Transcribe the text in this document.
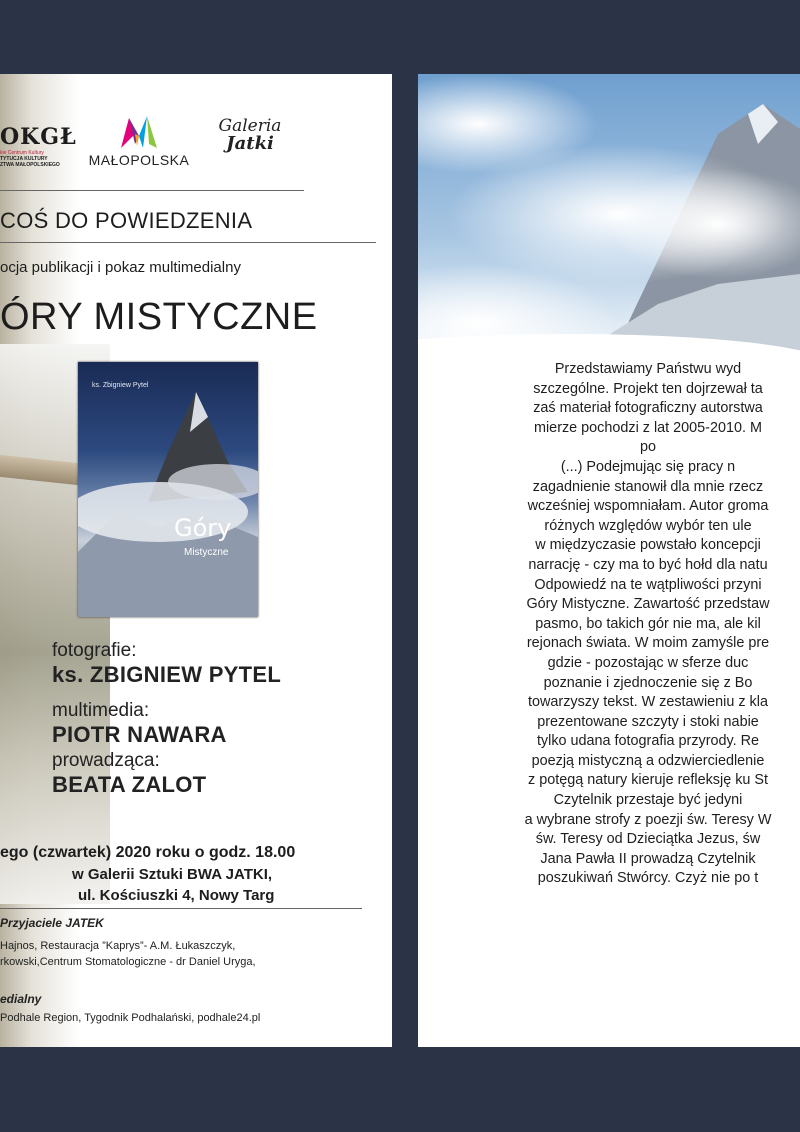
OKGŁ
kie Centrum Kultury
TYTUCJA KULTURY
ZTWA MAŁOPOLSKIEGO	MAŁOPOLSKA
Galeria
Jatki
COŚ DO POWIEDZENIA
ocja publikacji i pokaz multimedialny
ÓRY MISTYCZNE
ks. Zbigniew Pytel
Góry
Mistyczne
fotografie:
ks. ZBIGNIEW PYTEL
multimedia:
PIOTR NAWARA
prowadząca:
BEATA ZALOT
ego (czwartek) 2020 roku o godz. 18.00
w Galerii Sztuki BWA JATKI,
ul. Kościuszki 4, Nowy Targ
Przyjaciele JATEK
Hajnos, Restauracja ”Kaprys”- A.M. Łukaszczyk,
rkowski,Centrum Stomatologiczne - dr Daniel Uryga,
edialny
Podhale Region, Tygodnik Podhalański, podhale24.pl
Przedstawiamy Państwu wyd
szczególne. Projekt ten dojrzewał ta
zaś materiał fotograficzny autorstwa
mierze pochodzi z lat 2005-2010. M
po
(...) Podejmując się pracy n
zagadnienie stanowił dla mnie rzecz
wcześniej wspomniałam. Autor groma
różnych względów wybór ten ule
w międzyczasie powstało koncepcji
narrację - czy ma to być hołd dla natu
Odpowiedź na te wątpliwości przyni
Góry Mistyczne. Zawartość przedstaw
pasmo, bo takich gór nie ma, ale kil
rejonach świata. W moim zamyśle pre
gdzie - pozostając w sferze duc
poznanie i zjednoczenie się z Bo
towarzyszy tekst. W zestawieniu z kla
prezentowane szczyty i stoki nabie
tylko udana fotografia przyrody. Re
poezją mistyczną a odzwierciedlenie
z potęgą natury kieruje refleksję ku St
Czytelnik przestaje być jedyni
a wybrane strofy z poezji św. Teresy W
św. Teresy od Dzieciątka Jezus, św
Jana Pawła II prowadzą Czytelnik
poszukiwań Stwórcy. Czyż nie po t
